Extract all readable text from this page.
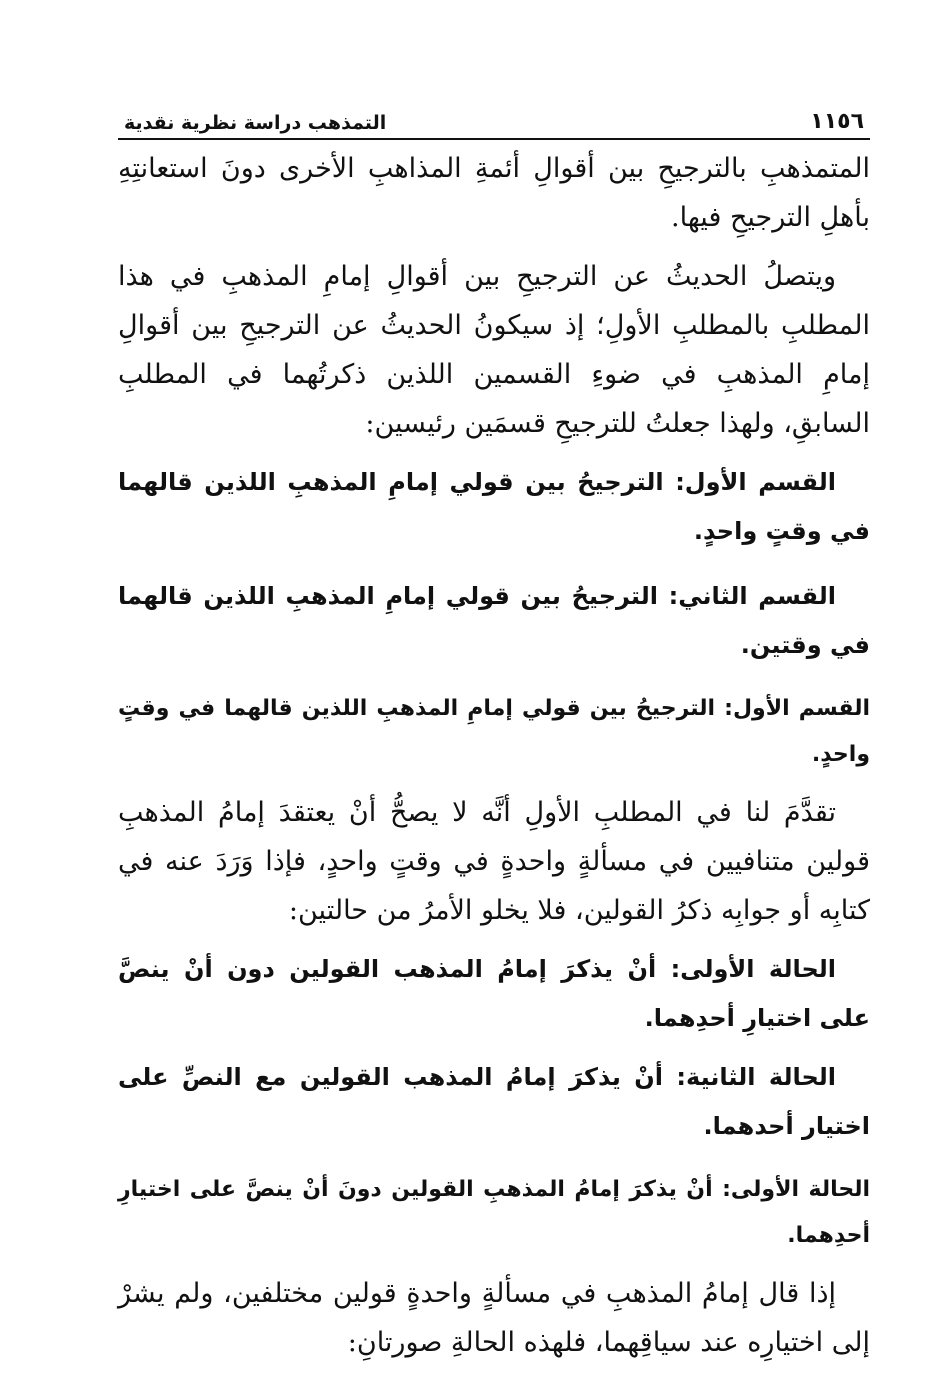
١١٥٦
التمذهب دراسة نظرية نقدية

المتمذهبِ بالترجيحِ بين أقوالِ أئمةِ المذاهبِ الأخرى دونَ استعانتِهِ بأهلِ الترجيحِ فيها.

ويتصلُ الحديثُ عن الترجيحِ بين أقوالِ إمامِ المذهبِ في هذا المطلبِ بالمطلبِ الأولِ؛ إذ سيكونُ الحديثُ عن الترجيحِ بين أقوالِ إمامِ المذهبِ في ضوءِ القسمين اللذين ذكرتُهما في المطلبِ السابقِ، ولهذا جعلتُ للترجيحِ قسمَين رئيسين:

القسم الأول: الترجيحُ بين قولي إمامِ المذهبِ اللذين قالهما في وقتٍ واحدٍ.

القسم الثاني: الترجيحُ بين قولي إمامِ المذهبِ اللذين قالهما في وقتين.

القسم الأول: الترجيحُ بين قولي إمامِ المذهبِ اللذين قالهما في وقتٍ واحدٍ.

تقدَّمَ لنا في المطلبِ الأولِ أنَّه لا يصحُّ أنْ يعتقدَ إمامُ المذهبِ قولين متنافيين في مسألةٍ واحدةٍ في وقتٍ واحدٍ، فإذا وَرَدَ عنه في كتابِه أو جوابِه ذكرُ القولين، فلا يخلو الأمرُ من حالتين:

الحالة الأولى: أنْ يذكرَ إمامُ المذهب القولين دون أنْ ينصَّ على اختيارِ أحدِهما.

الحالة الثانية: أنْ يذكرَ إمامُ المذهب القولين مع النصِّ على اختيار أحدهما.

الحالة الأولى: أنْ يذكرَ إمامُ المذهبِ القولين دونَ أنْ ينصَّ على اختيارِ أحدِهما.

إذا قال إمامُ المذهبِ في مسألةٍ واحدةٍ قولين مختلفين، ولم يشرْ إلى اختيارِه عند سياقِهما، فلهذه الحالةِ صورتانِ:
